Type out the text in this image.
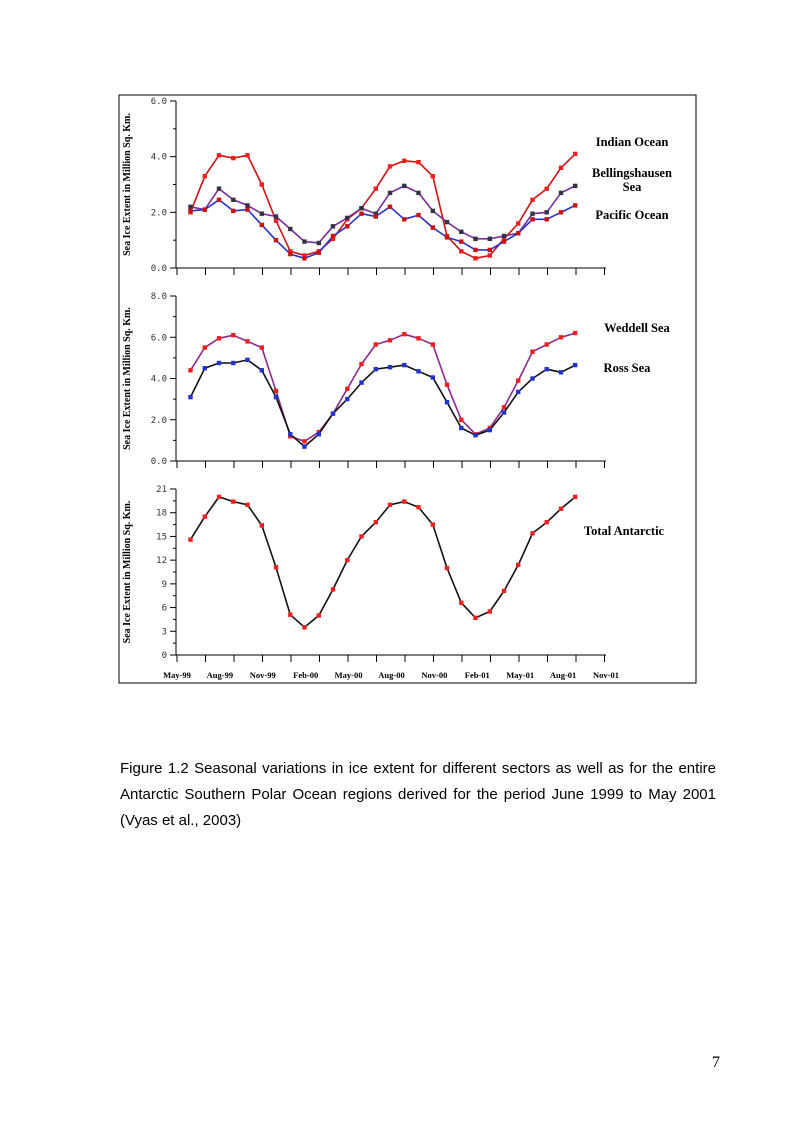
0.0
2.0
4.0
6.0
Sea Ice Extent in Million Sq. Km.	Indian Ocean
Bellingshausen
Sea
Pacific Ocean
0.0
2.0
4.0
6.0
8.0
Sea Ice Extent in Million Sq. Km.	Weddell Sea
Ross Sea
0
3
6
9
12
15
18
21
May-99 Aug-99 Nov-99 Feb-00 May-00 Aug-00 Nov-00 Feb-01 May-01 Aug-01 Nov-01
Sea Ice Extent in Million Sq. Km.	Total Antarctic
Figure 1.2 Seasonal variations in ice extent for different sectors as well as for the entire Antarctic Southern Polar Ocean regions derived for the period June 1999 to May 2001 (Vyas et al., 2003)
7
